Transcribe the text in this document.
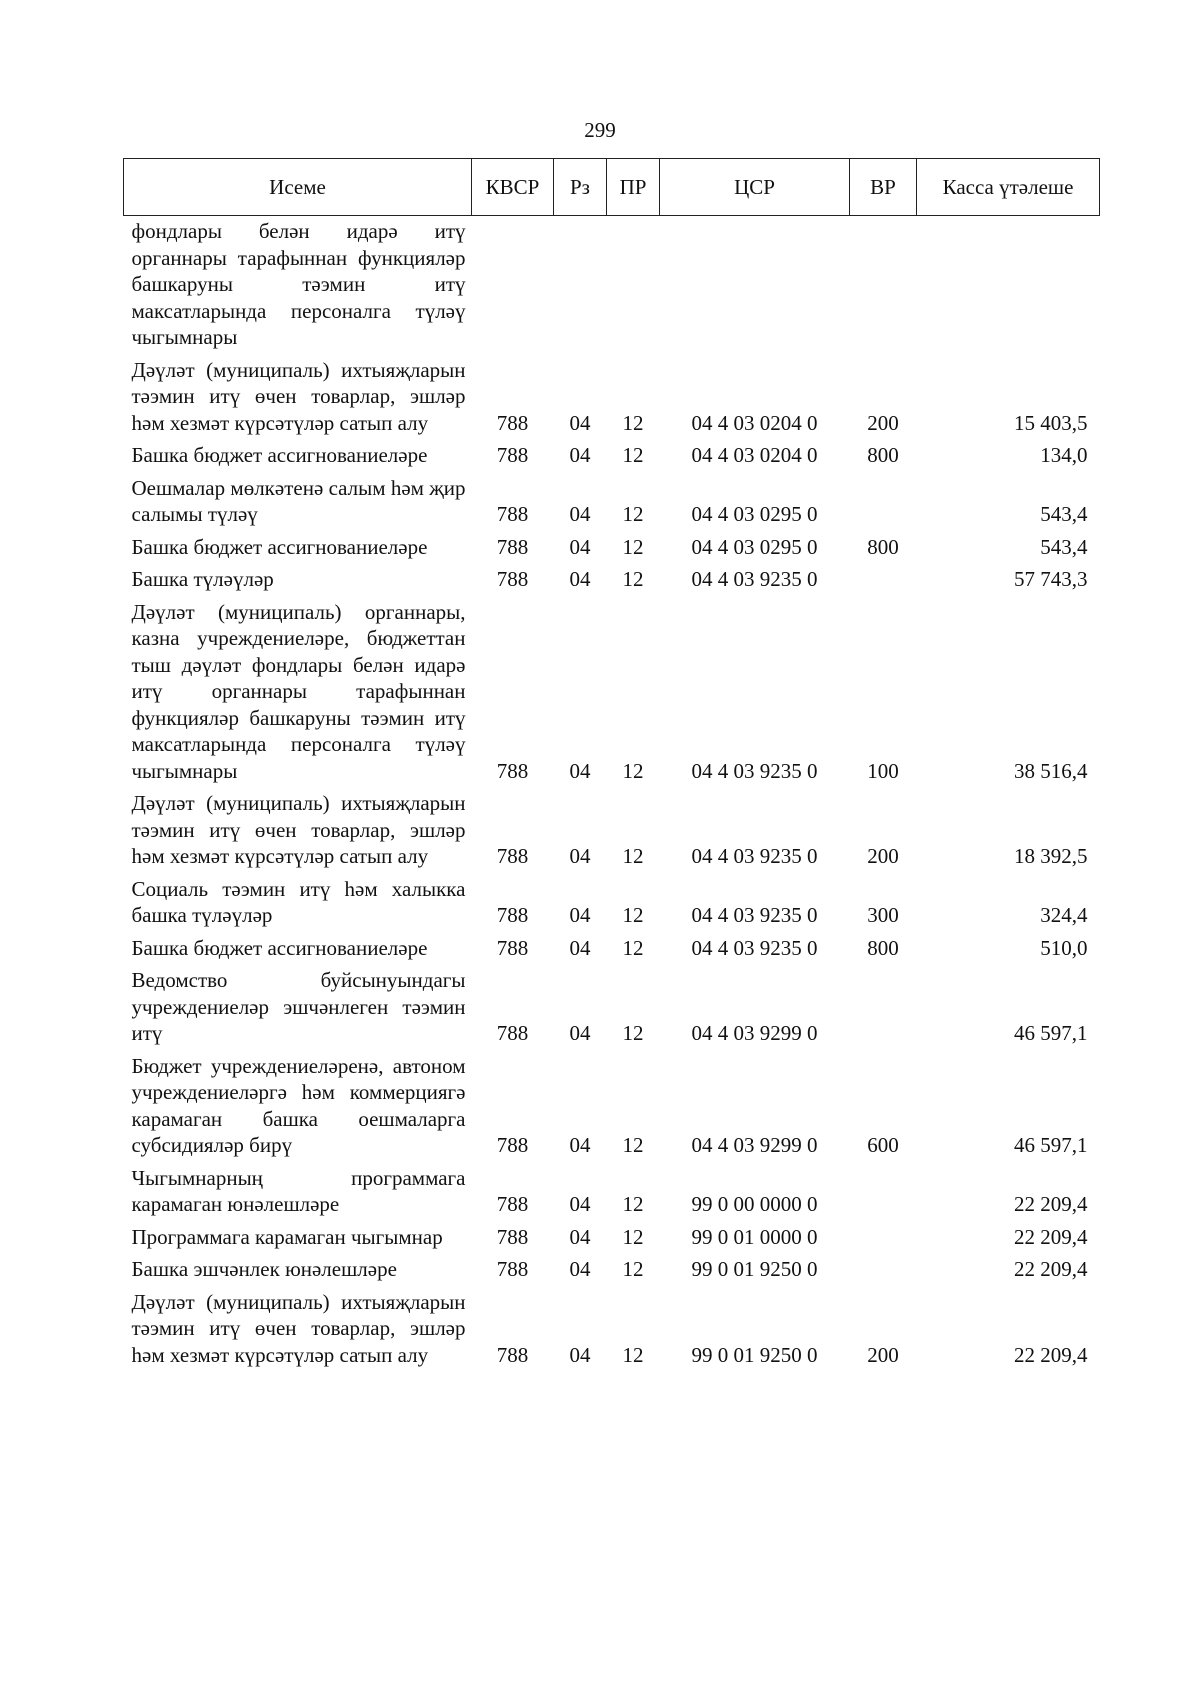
299
Исеме	КВСР	Рз	ПР	ЦСР	ВР	Касса үтәлеше
фондлары белән идарә итү органнары тарафыннан функцияләр башкаруны тәэмин итү максатларында персоналга түләү чыгымнары						
Дәүләт (муниципаль) ихтыяҗларын тәэмин итү өчен товарлар, эшләр һәм хезмәт күрсәтүләр сатып алу	788	04	12	04 4 03 0204 0	200	15 403,5
Башка бюджет ассигнованиеләре	788	04	12	04 4 03 0204 0	800	134,0
Оешмалар мөлкәтенә салым һәм җир салымы түләү	788	04	12	04 4 03 0295 0		543,4
Башка бюджет ассигнованиеләре	788	04	12	04 4 03 0295 0	800	543,4
Башка түләүләр	788	04	12	04 4 03 9235 0		57 743,3
Дәүләт (муниципаль) органнары, казна учреждениеләре, бюджеттан тыш дәүләт фондлары белән идарә итү органнары тарафыннан функцияләр башкаруны тәэмин итү максатларында персоналга түләү чыгымнары	788	04	12	04 4 03 9235 0	100	38 516,4
Дәүләт (муниципаль) ихтыяҗларын тәэмин итү өчен товарлар, эшләр һәм хезмәт күрсәтүләр сатып алу	788	04	12	04 4 03 9235 0	200	18 392,5
Социаль тәэмин итү һәм халыкка башка түләүләр	788	04	12	04 4 03 9235 0	300	324,4
Башка бюджет ассигнованиеләре	788	04	12	04 4 03 9235 0	800	510,0
Ведомство буйсынуындагы учреждениеләр эшчәнлеген тәэмин итү	788	04	12	04 4 03 9299 0		46 597,1
Бюджет учреждениеләренә, автоном учреждениеләргә һәм коммерциягә карамаган башка оешмаларга субсидияләр бирү	788	04	12	04 4 03 9299 0	600	46 597,1
Чыгымнарның программага карамаган юнәлешләре	788	04	12	99 0 00 0000 0		22 209,4
Программага карамаган чыгымнар	788	04	12	99 0 01 0000 0		22 209,4
Башка эшчәнлек юнәлешләре	788	04	12	99 0 01 9250 0		22 209,4
Дәүләт (муниципаль) ихтыяҗларын тәэмин итү өчен товарлар, эшләр һәм хезмәт күрсәтүләр сатып алу	788	04	12	99 0 01 9250 0	200	22 209,4
